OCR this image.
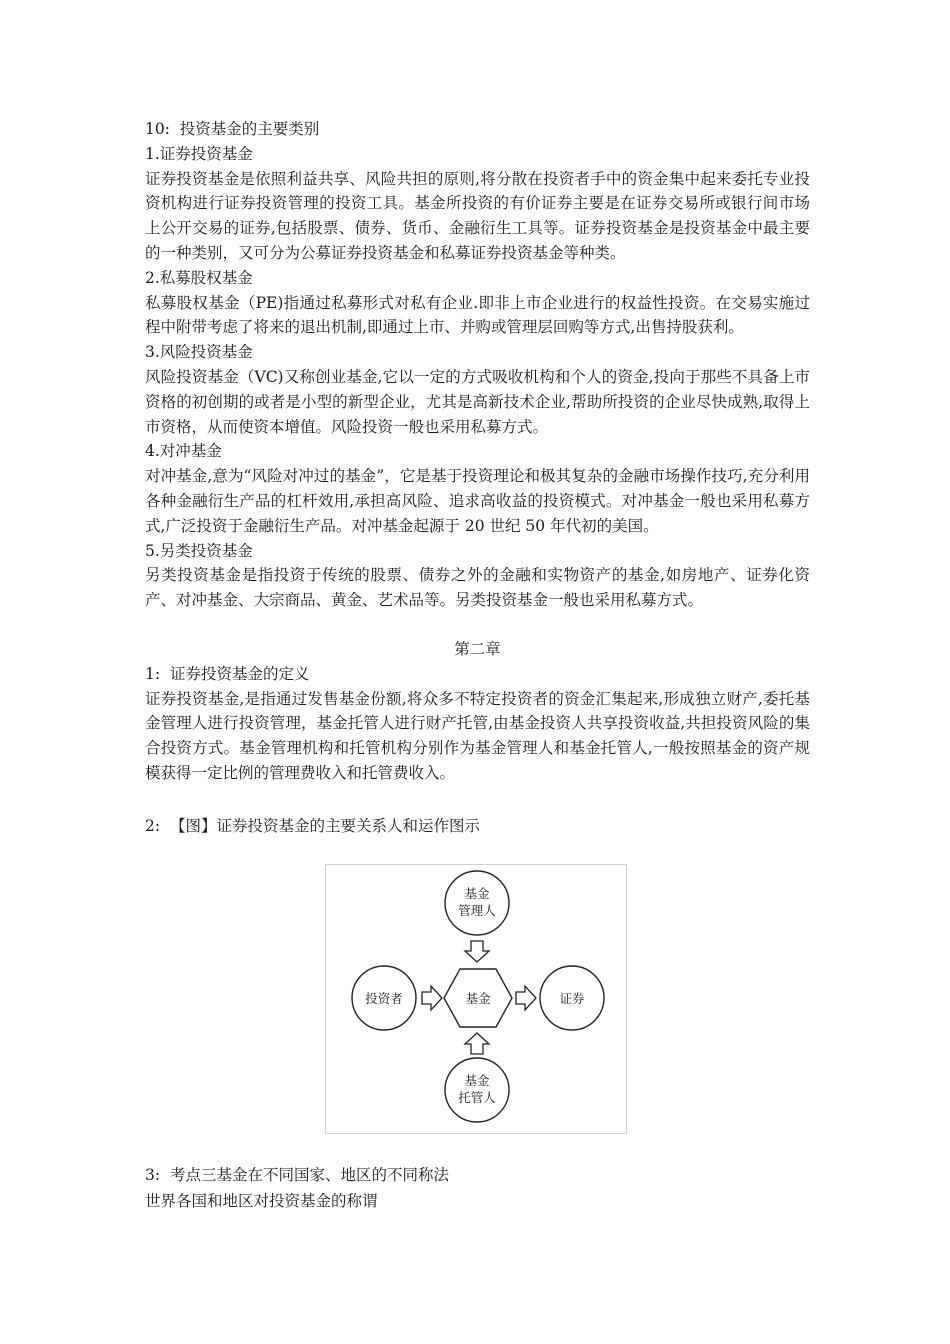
10:  投资基金的主要类别
1.证券投资基金
证券投资基金是依照利益共享、风险共担的原则,将分散在投资者手中的资金集中起来委托专业投资机构进行证券投资管理的投资工具。基金所投资的有价证券主要是在证券交易所或银行间市场上公开交易的证券,包括股票、债券、货币、金融衍生工具等。证券投资基金是投资基金中最主要的一种类别，又可分为公募证券投资基金和私募证券投资基金等种类。
2.私募股权基金
私募股权基金（PE)指通过私募形式对私有企业.即非上市企业进行的权益性投资。在交易实施过程中附带考虑了将来的退出机制,即通过上市、并购或管理层回购等方式,出售持股获利。
3.风险投资基金
风险投资基金（VC)又称创业基金,它以一定的方式吸收机构和个人的资金,投向于那些不具备上市资格的初创期的或者是小型的新型企业，尤其是高新技术企业,帮助所投资的企业尽快成熟,取得上市资格，从而使资本增值。风险投资一般也采用私募方式。
4.对冲基金
对冲基金,意为“风险对冲过的基金”，它是基于投资理论和极其复杂的金融市场操作技巧,充分利用各种金融衍生产品的杠杆效用,承担高风险、追求高收益的投资模式。对冲基金一般也采用私募方式,广泛投资于金融衍生产品。对冲基金起源于 20 世纪 50 年代初的美国。
5.另类投资基金
另类投资基金是指投资于传统的股票、债券之外的金融和实物资产的基金,如房地产、证券化资产、对冲基金、大宗商品、黄金、艺术品等。另类投资基金一般也采用私募方式。
第二章
1:  证券投资基金的定义
证券投资基金,是指通过发售基金份额,将众多不特定投资者的资金汇集起来,形成独立财产,委托基金管理人进行投资管理，基金托管人进行财产托管,由基金投资人共享投资收益,共担投资风险的集合投资方式。基金管理机构和托管机构分别作为基金管理人和基金托管人,一般按照基金的资产规模获得一定比例的管理费收入和托管费收入。
2:  【图】证券投资基金的主要关系人和运作图示
基金
管理人
投资者	基金	证券
基金
托管人
3:  考点三基金在不同国家、地区的不同称法
世界各国和地区对投资基金的称谓
